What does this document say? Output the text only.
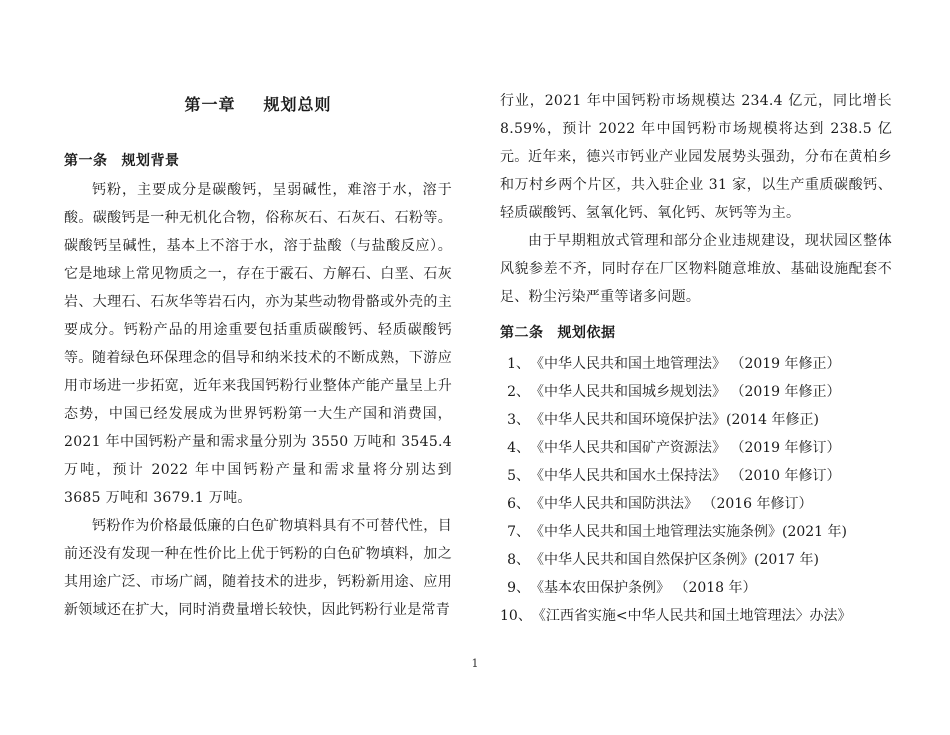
第一章 规划总则
第一条 规划背景

钙粉，主要成分是碳酸钙，呈弱碱性，难溶于水，溶于酸。碳酸钙是一种无机化合物，俗称灰石、石灰石、石粉等。碳酸钙呈碱性，基本上不溶于水，溶于盐酸（与盐酸反应）。它是地球上常见物质之一，存在于霰石、方解石、白垩、石灰岩、大理石、石灰华等岩石内，亦为某些动物骨骼或外壳的主要成分。钙粉产品的用途重要包括重质碳酸钙、轻质碳酸钙等。 随着绿色环保理念的倡导和纳米技术的不断成熟，下游应用市场进一步拓宽，近年来我国钙粉行业整体产能产量呈上升态势，中国已经发展成为世界钙粉第一大生产国和消费国，2021 年中国钙粉产量和需求量分别为 3550 万吨和 3545.4 万吨，预计 2022 年中国钙粉产量和需求量将分别达到 3685 万吨和 3679.1 万吨。

钙粉作为价格最低廉的白色矿物填料具有不可替代性，目前还没有发现一种在性价比上优于钙粉的白色矿物填料，加之其用途广泛、市场广阔，随着技术的进步，钙粉新用途、应用新领域还在扩大，同时消费量增长较快，因此钙粉行业是常青

行业，2021 年中国钙粉市场规模达 234.4 亿元，同比增长 8.59%，预计 2022 年中国钙粉市场规模将达到 238.5 亿元。 近年来，德兴市钙业产业园发展势头强劲，分布在黄柏乡和万村乡两个片区，共入驻企业 31 家，以生产重质碳酸钙、轻质碳酸钙、氢氧化钙、氧化钙、灰钙等为主。

由于早期粗放式管理和部分企业违规建设，现状园区整体风貌参差不齐，同时存在厂区物料随意堆放、基础设施配套不足、粉尘污染严重等诸多问题。

第二条 规划依据
1、《中华人民共和国土地管理法》 （2019 年修正）
2、《中华人民共和国城乡规划法》 （2019 年修正）
3、《中华人民共和国环境保护法》(2014 年修正)
4、《中华人民共和国矿产资源法》 （2019 年修订）
5、《中华人民共和国水土保持法》 （2010 年修订）
6、《中华人民共和国防洪法》 （2016 年修订）
7、《中华人民共和国土地管理法实施条例》(2021 年)
8、《中华人民共和国自然保护区条例》(2017 年)
9、《基本农田保护条例》 （2018 年）
10、《江西省实施<中华人民共和国土地管理法〉办法》
1
